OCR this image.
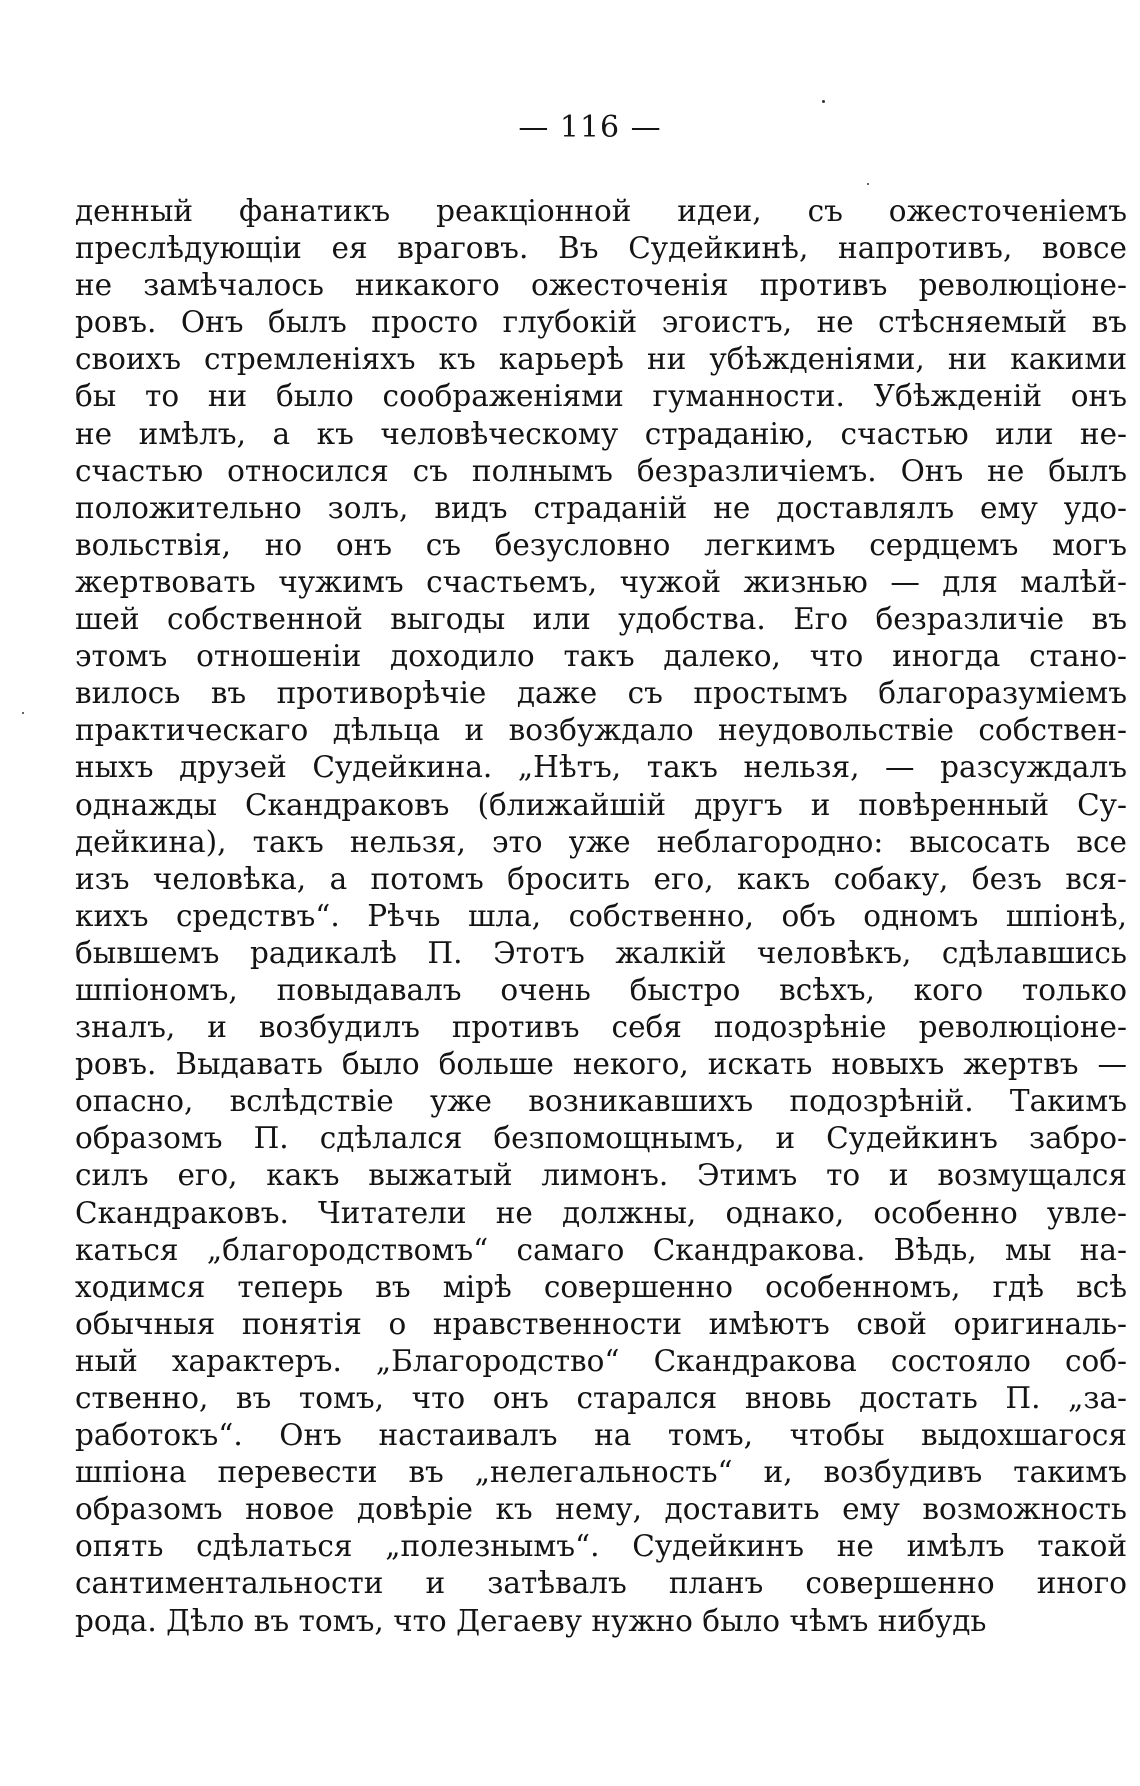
— 116 —
денный фанатикъ реакціонной идеи, съ ожесточеніемъ
преслѣдующіи ея враговъ. Въ Судейкинѣ, напротивъ, вовсе
не замѣчалось никакого ожесточенія противъ революціоне-
ровъ. Онъ былъ просто глубокій эгоистъ, не стѣсняемый въ
своихъ стремленіяхъ къ карьерѣ ни убѣжденіями, ни какими
бы то ни было соображеніями гуманности. Убѣжденій онъ
не имѣлъ, а къ человѣческому страданію, счастью или не-
счастью относился съ полнымъ безразличіемъ. Онъ не былъ
положительно золъ, видъ страданій не доставлялъ ему удо-
вольствія, но онъ съ безусловно легкимъ сердцемъ могъ
жертвовать чужимъ счастьемъ, чужой жизнью — для малѣй-
шей собственной выгоды или удобства. Его безразличіе въ
этомъ отношеніи доходило такъ далеко, что иногда стано-
вилось въ противорѣчіе даже съ простымъ благоразуміемъ
практическаго дѣльца и возбуждало неудовольствіе собствен-
ныхъ друзей Судейкина. „Нѣтъ, такъ нельзя, — разсуждалъ
однажды Скандраковъ (ближайшій другъ и повѣренный Су-
дейкина), такъ нельзя, это уже неблагородно: высосать все
изъ человѣка, а потомъ бросить его, какъ собаку, безъ вся-
кихъ средствъ“. Рѣчь шла, собственно, объ одномъ шпіонѣ,
бывшемъ радикалѣ П. Этотъ жалкій человѣкъ, сдѣлавшись
шпіономъ, повыдавалъ очень быстро всѣхъ, кого только
зналъ, и возбудилъ противъ себя подозрѣніе революціоне-
ровъ. Выдавать было больше некого, искать новыхъ жертвъ —
опасно, вслѣдствіе уже возникавшихъ подозрѣній. Такимъ
образомъ П. сдѣлался безпомощнымъ, и Судейкинъ забро-
силъ его, какъ выжатый лимонъ. Этимъ то и возмущался
Скандраковъ. Читатели не должны, однако, особенно увле-
каться „благородствомъ“ самаго Скандракова. Вѣдь, мы на-
ходимся теперь въ мірѣ совершенно особенномъ, гдѣ всѣ
обычныя понятія о нравственности имѣютъ свой оригиналь-
ный характеръ. „Благородство“ Скандракова состояло соб-
ственно, въ томъ, что онъ старался вновь достать П. „за-
работокъ“. Онъ настаивалъ на томъ, чтобы выдохшагося
шпіона перевести въ „нелегальность“ и, возбудивъ такимъ
образомъ новое довѣріе къ нему, доставить ему возможность
опять сдѣлаться „полезнымъ“. Судейкинъ не имѣлъ такой
сантиментальности и затѣвалъ планъ совершенно иного
рода. Дѣло въ томъ, что Дегаеву нужно было чѣмъ нибудь
